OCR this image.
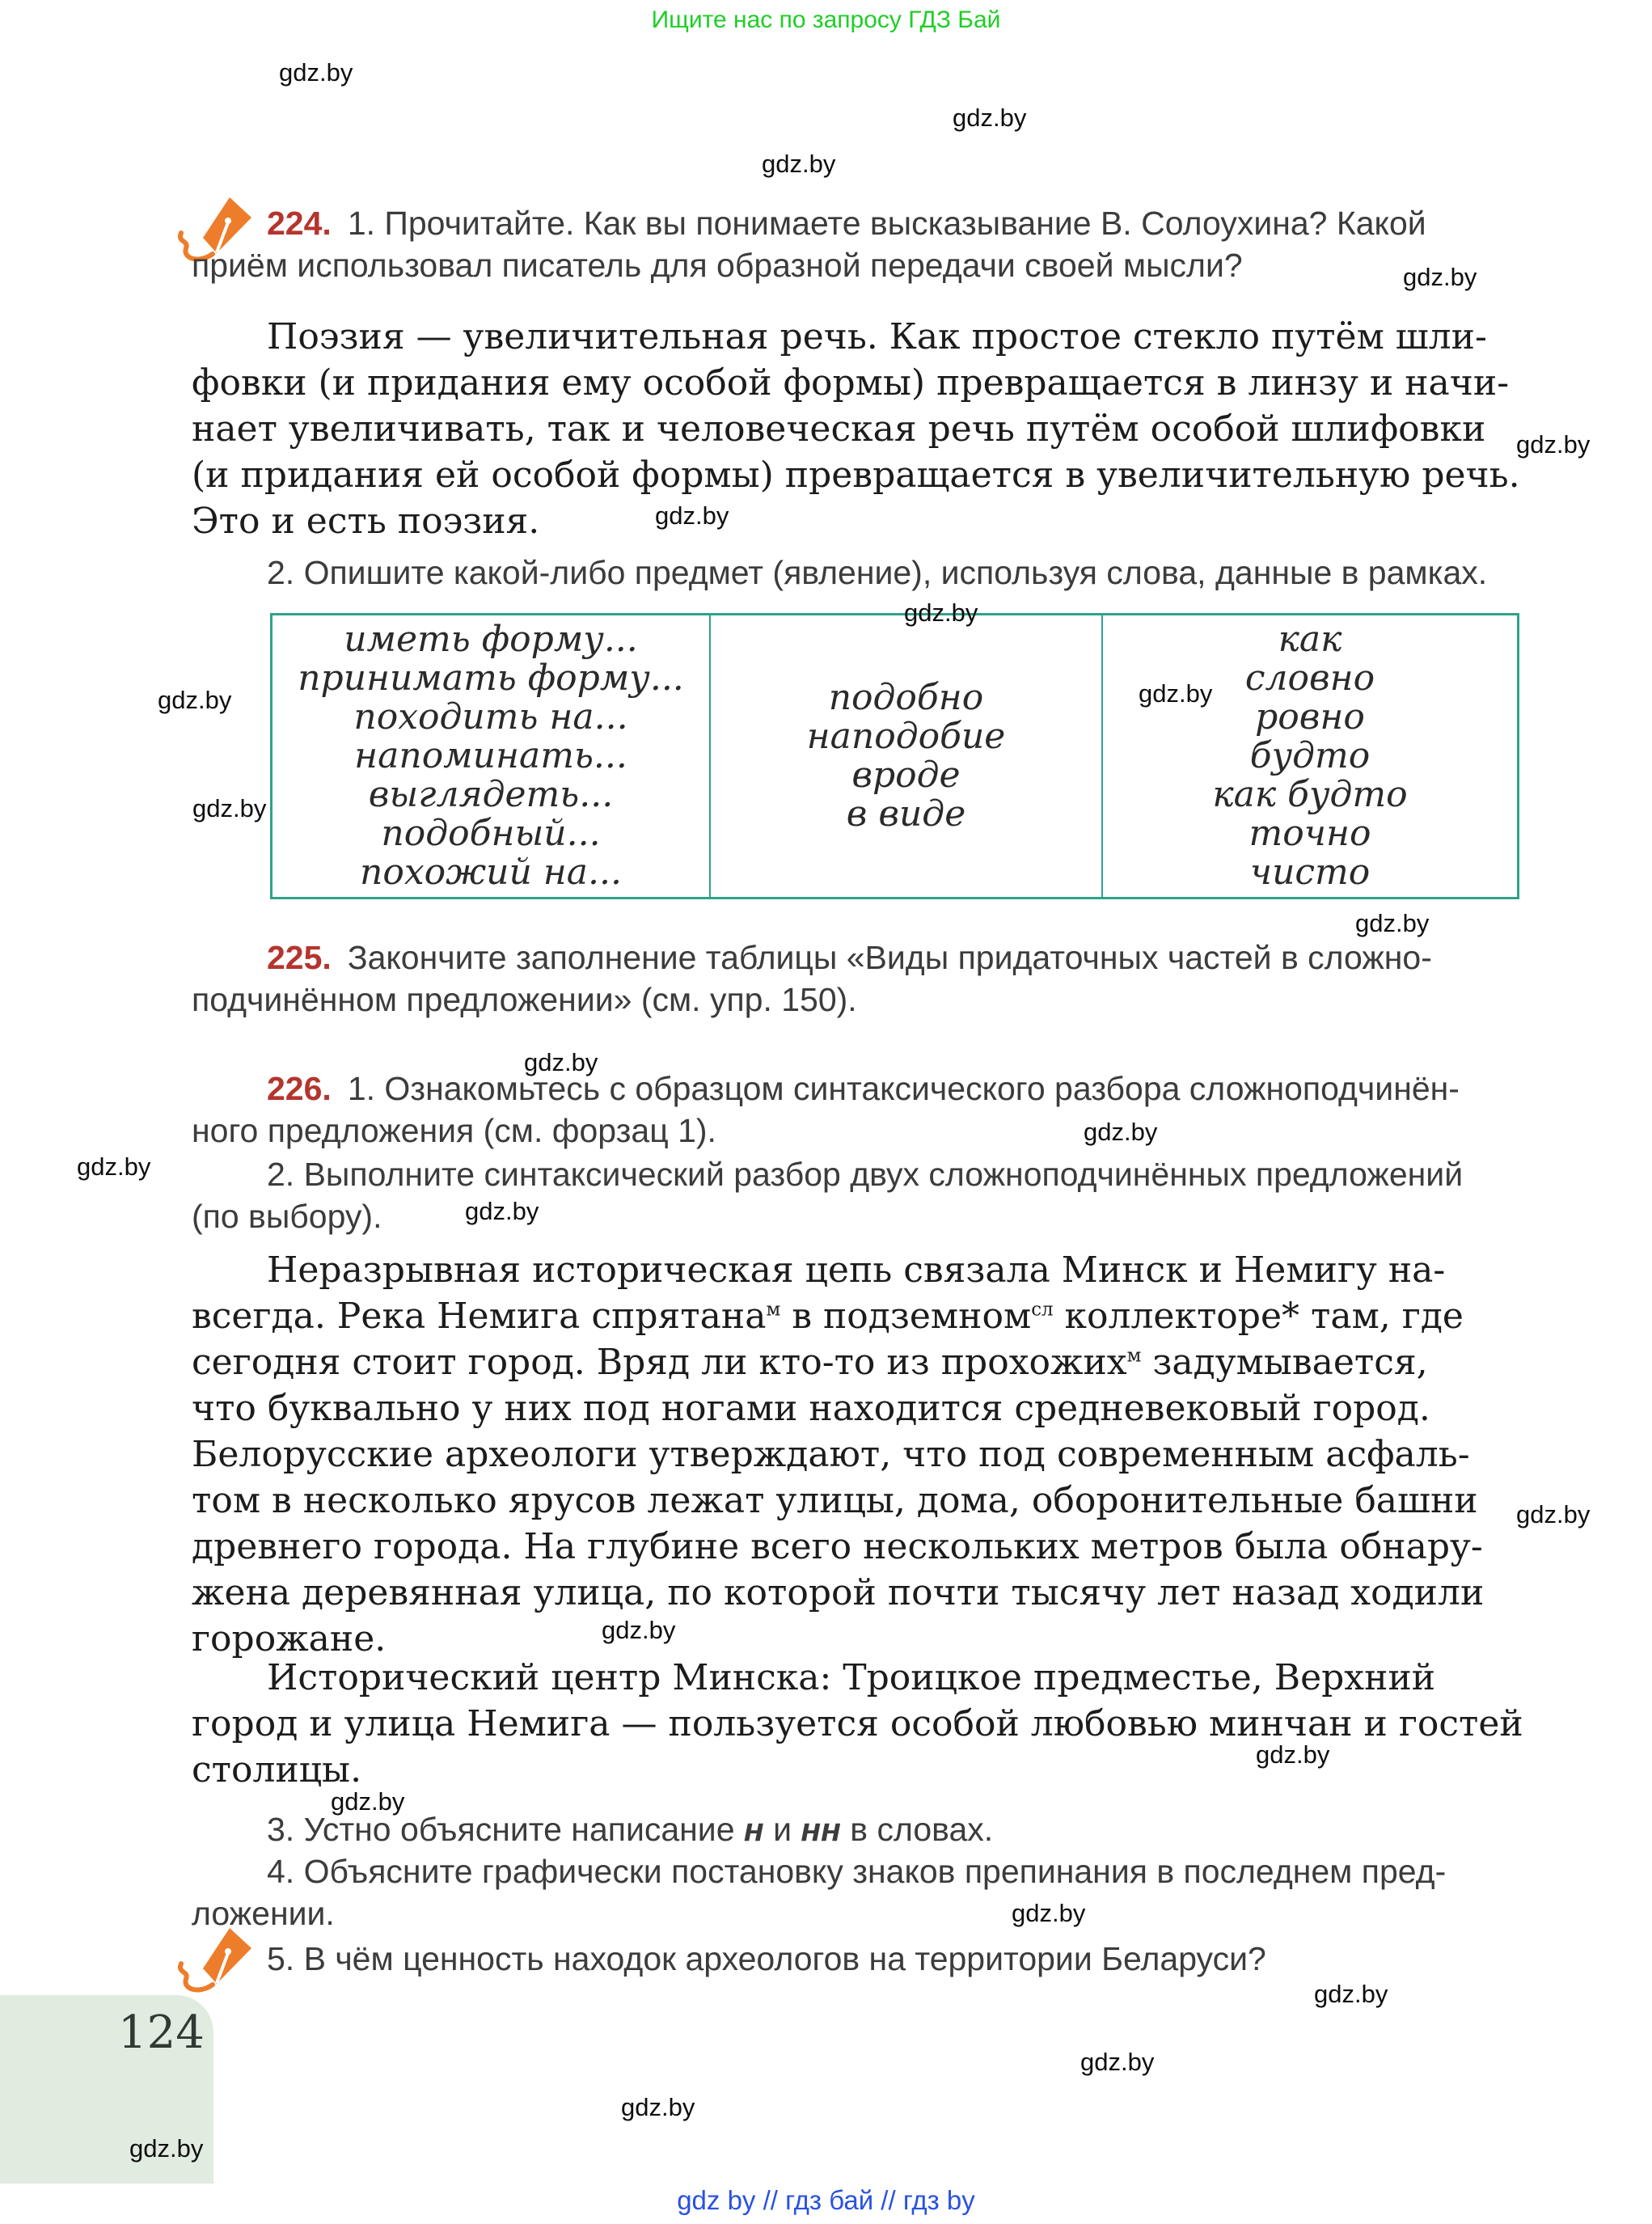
Ищите нас по запросу ГДЗ Бай

224. 1. Прочитайте. Как вы понимаете высказывание В. Солоухина? Какой
приём использовал писатель для образной передачи своей мысли?

Поэзия — увеличительная речь. Как простое стекло путём шли-
фовки (и придания ему особой формы) превращается в линзу и начи-
нает увеличивать, так и человеческая речь путём особой шлифовки
(и придания ей особой формы) превращается в увеличительную речь.
Это и есть поэзия.

2. Опишите какой-либо предмет (явление), используя слова, данные в рамках.

иметь форму...
принимать форму...
походить на...
напоминать...
выглядеть...
подобный...
похожий на...
подобно
наподобие
вроде
в виде
как
словно
ровно
будто
как будто
точно
чисто

225. Закончите заполнение таблицы «Виды придаточных частей в сложно-
подчинённом предложении» (см. упр. 150).

226. 1. Ознакомьтесь с образцом синтаксического разбора сложноподчинён-
ного предложения (см. форзац 1).

2. Выполните синтаксический разбор двух сложноподчинённых предложений
(по выбору).

Неразрывная историческая цепь связала Минск и Немигу на-
всегда. Река Немига спрятана$^м$ в подземном$^{сл}$ коллекторе* там, где
сегодня стоит город. Вряд ли кто-то из прохожих$^м$ задумывается,
что буквально у них под ногами находится средневековый город.
Белорусские археологи утверждают, что под современным асфаль-
том в несколько ярусов лежат улицы, дома, оборонительные башни
древнего города. На глубине всего нескольких метров была обнару-
жена деревянная улица, по которой почти тысячу лет назад ходили
горожане.

Исторический центр Минска: Троицкое предместье, Верхний
город и улица Немига — пользуется особой любовью минчан и гостей
столицы.

3. Устно объясните написание н и нн в словах.

4. Объясните графически постановку знаков препинания в последнем пред-
ложении.

5. В чём ценность находок археологов на территории Беларуси?

124
gdz.by
gdz by // гдз бай // гдз by
gdz.by
gdz.by
gdz.by
gdz.by
gdz.by
gdz.by
gdz.by
gdz.by	gdz.by
gdz.by
gdz.by
gdz.by
gdz.by
gdz.by
gdz.by
gdz.by
gdz.by
gdz.by
gdz.by
gdz.by
gdz.by
gdz.by
gdz.by
